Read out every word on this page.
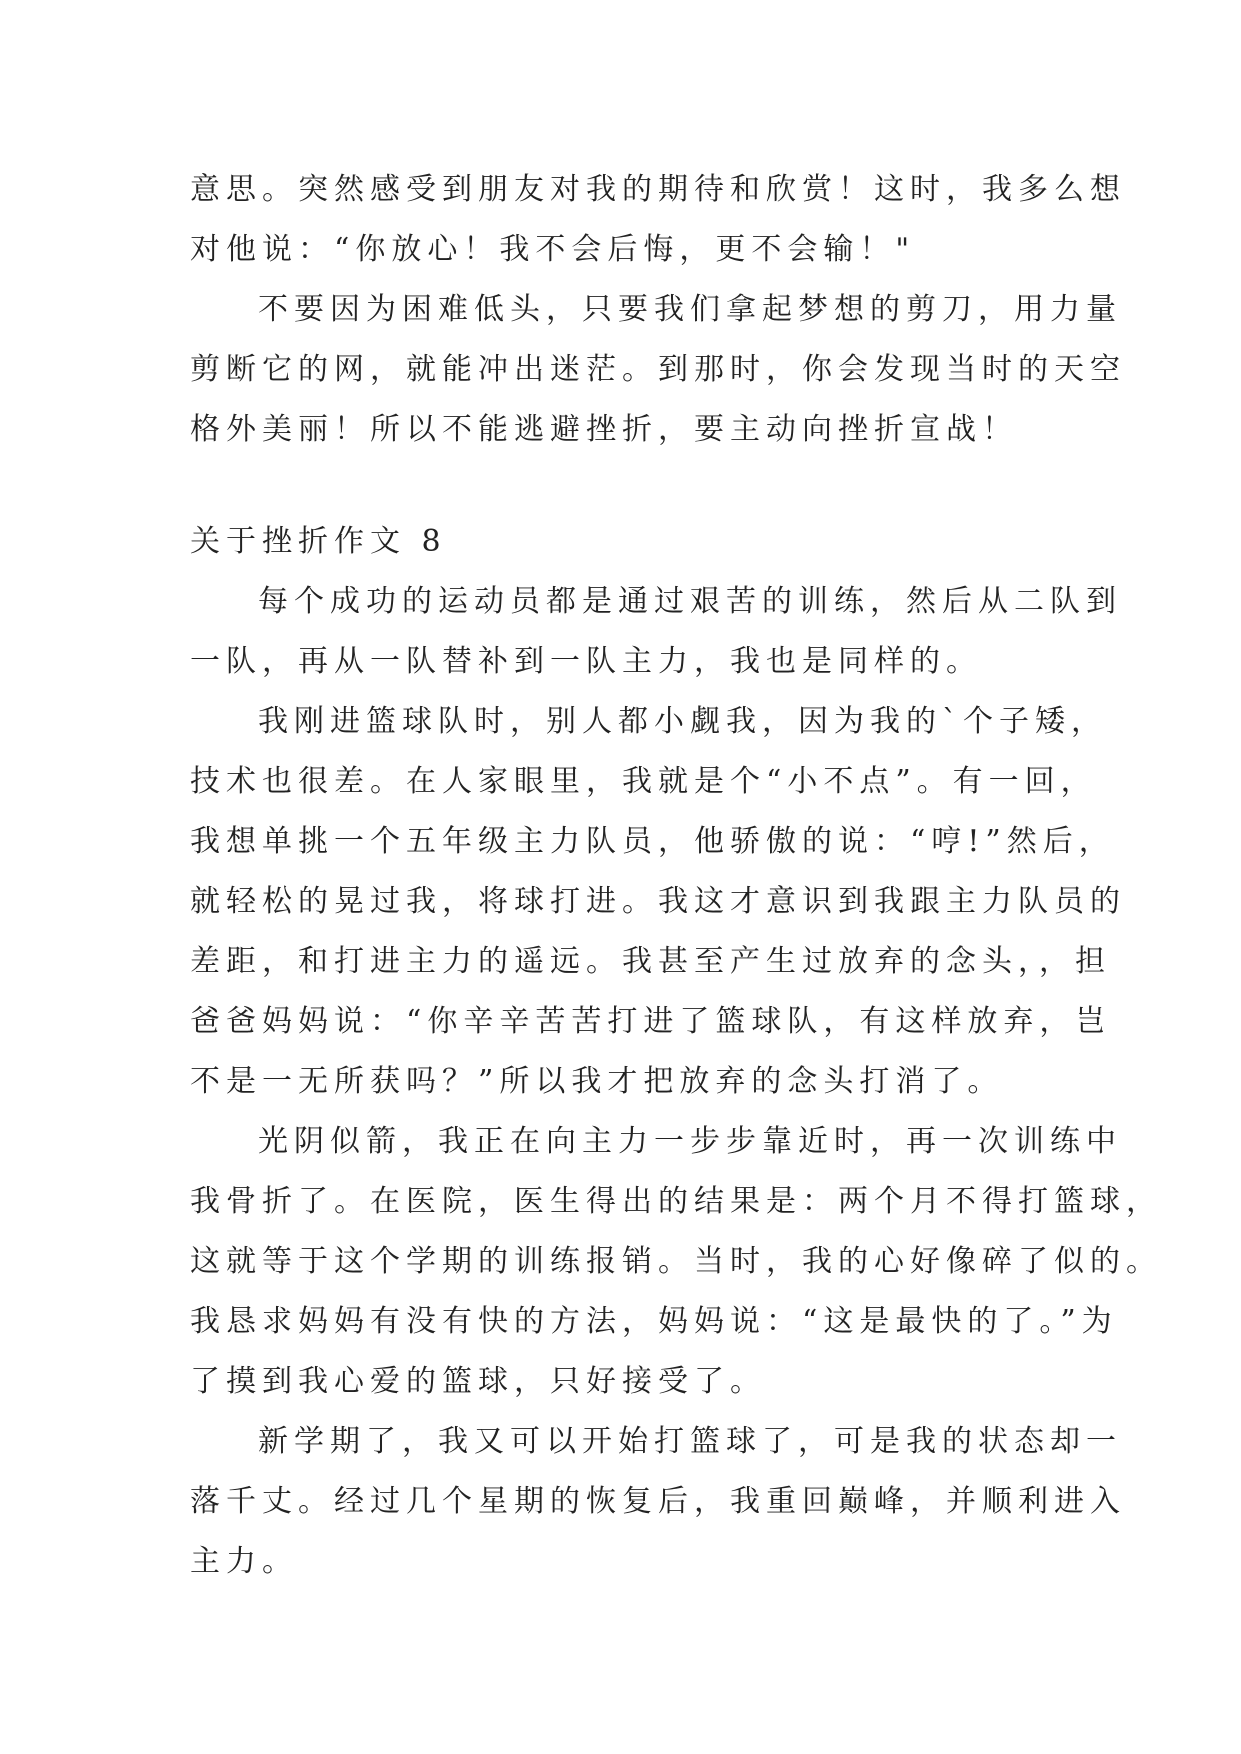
意思。突然感受到朋友对我的期待和欣赏！这时，我多么想
对他说：“你放心！我不会后悔，更不会输！"
不要因为困难低头，只要我们拿起梦想的剪刀，用力量
剪断它的网，就能冲出迷茫。到那时，你会发现当时的天空
格外美丽！所以不能逃避挫折，要主动向挫折宣战！
关于挫折作文 8
每个成功的运动员都是通过艰苦的训练，然后从二队到
一队，再从一队替补到一队主力，我也是同样的。
我刚进篮球队时，别人都小觑我，因为我的`个子矮，
技术也很差。在人家眼里，我就是个“小不点”。有一回，
我想单挑一个五年级主力队员，他骄傲的说：“哼!”然后，
就轻松的晃过我，将球打进。我这才意识到我跟主力队员的
差距，和打进主力的遥远。我甚至产生过放弃的念头，，担
爸爸妈妈说：“你辛辛苦苦打进了篮球队，有这样放弃，岂
不是一无所获吗？”所以我才把放弃的念头打消了。
光阴似箭，我正在向主力一步步靠近时，再一次训练中
我骨折了。在医院，医生得出的结果是：两个月不得打篮球，
这就等于这个学期的训练报销。当时，我的心好像碎了似的。
我恳求妈妈有没有快的方法，妈妈说：“这是最快的了。”为
了摸到我心爱的篮球，只好接受了。
新学期了，我又可以开始打篮球了，可是我的状态却一
落千丈。经过几个星期的恢复后，我重回巅峰，并顺利进入
主力。
